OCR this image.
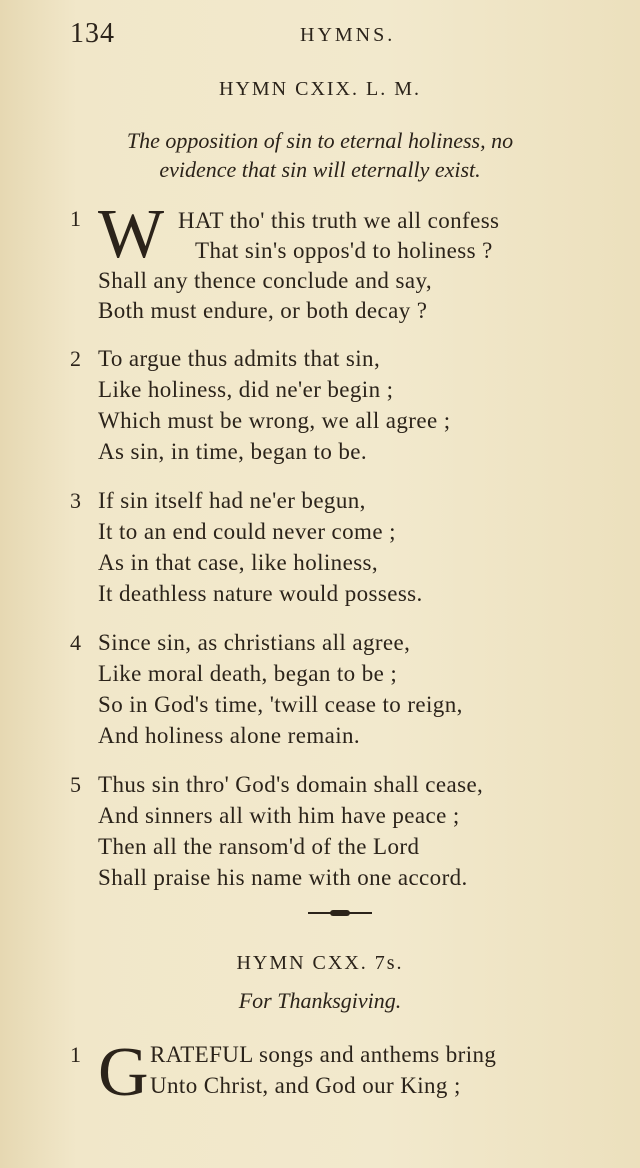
134	HYMNS.
HYMN CXIX. L. M.
The opposition of sin to eternal holiness, no
evidence that sin will eternally exist.
1 W HAT tho' this truth we all confess
That sin's oppos'd to holiness ?
Shall any thence conclude and say,
Both must endure, or both decay ?
2 To argue thus admits that sin,
Like holiness, did ne'er begin ;
Which must be wrong, we all agree ;
As sin, in time, began to be.
3 If sin itself had ne'er begun,
It to an end could never come ;
As in that case, like holiness,
It deathless nature would possess.
4 Since sin, as christians all agree,
Like moral death, began to be ;
So in God's time, 'twill cease to reign,
And holiness alone remain.
5 Thus sin thro' God's domain shall cease,
And sinners all with him have peace ;
Then all the ransom'd of the Lord
Shall praise his name with one accord.
HYMN CXX. 7s.
For Thanksgiving.
1 G RATEFUL songs and anthems bring
Unto Christ, and God our King ;
